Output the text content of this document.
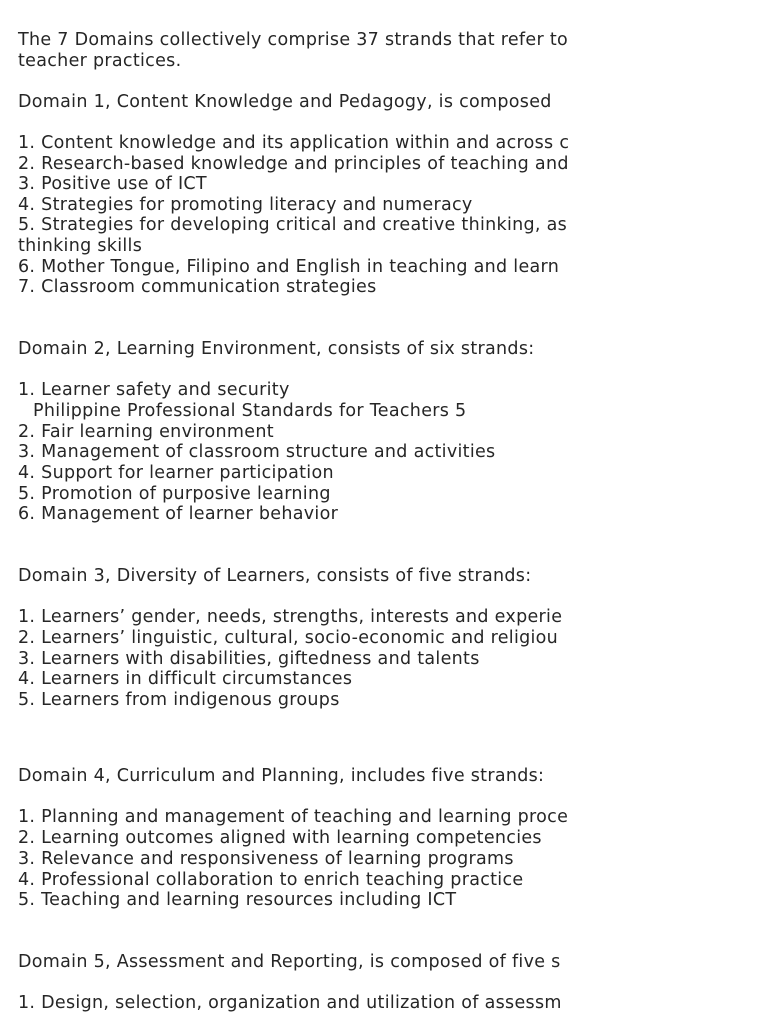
The 7 Domains collectively comprise 37 strands that refer to
teacher practices.
Domain 1, Content Knowledge and Pedagogy, is composed
1. Content knowledge and its application within and across c
2. Research-based knowledge and principles of teaching and
3. Positive use of ICT
4. Strategies for promoting literacy and numeracy
5. Strategies for developing critical and creative thinking, as
thinking skills
6. Mother Tongue, Filipino and English in teaching and learn
7. Classroom communication strategies
Domain 2, Learning Environment, consists of six strands:
1. Learner safety and security
Philippine Professional Standards for Teachers 5
2. Fair learning environment
3. Management of classroom structure and activities
4. Support for learner participation
5. Promotion of purposive learning
6. Management of learner behavior
Domain 3, Diversity of Learners, consists of five strands:
1. Learners’ gender, needs, strengths, interests and experie
2. Learners’ linguistic, cultural, socio-economic and religiou
3. Learners with disabilities, giftedness and talents
4. Learners in difficult circumstances
5. Learners from indigenous groups
Domain 4, Curriculum and Planning, includes five strands:
1. Planning and management of teaching and learning proce
2. Learning outcomes aligned with learning competencies
3. Relevance and responsiveness of learning programs
4. Professional collaboration to enrich teaching practice
5. Teaching and learning resources including ICT
Domain 5, Assessment and Reporting, is composed of five s
1. Design, selection, organization and utilization of assessm
